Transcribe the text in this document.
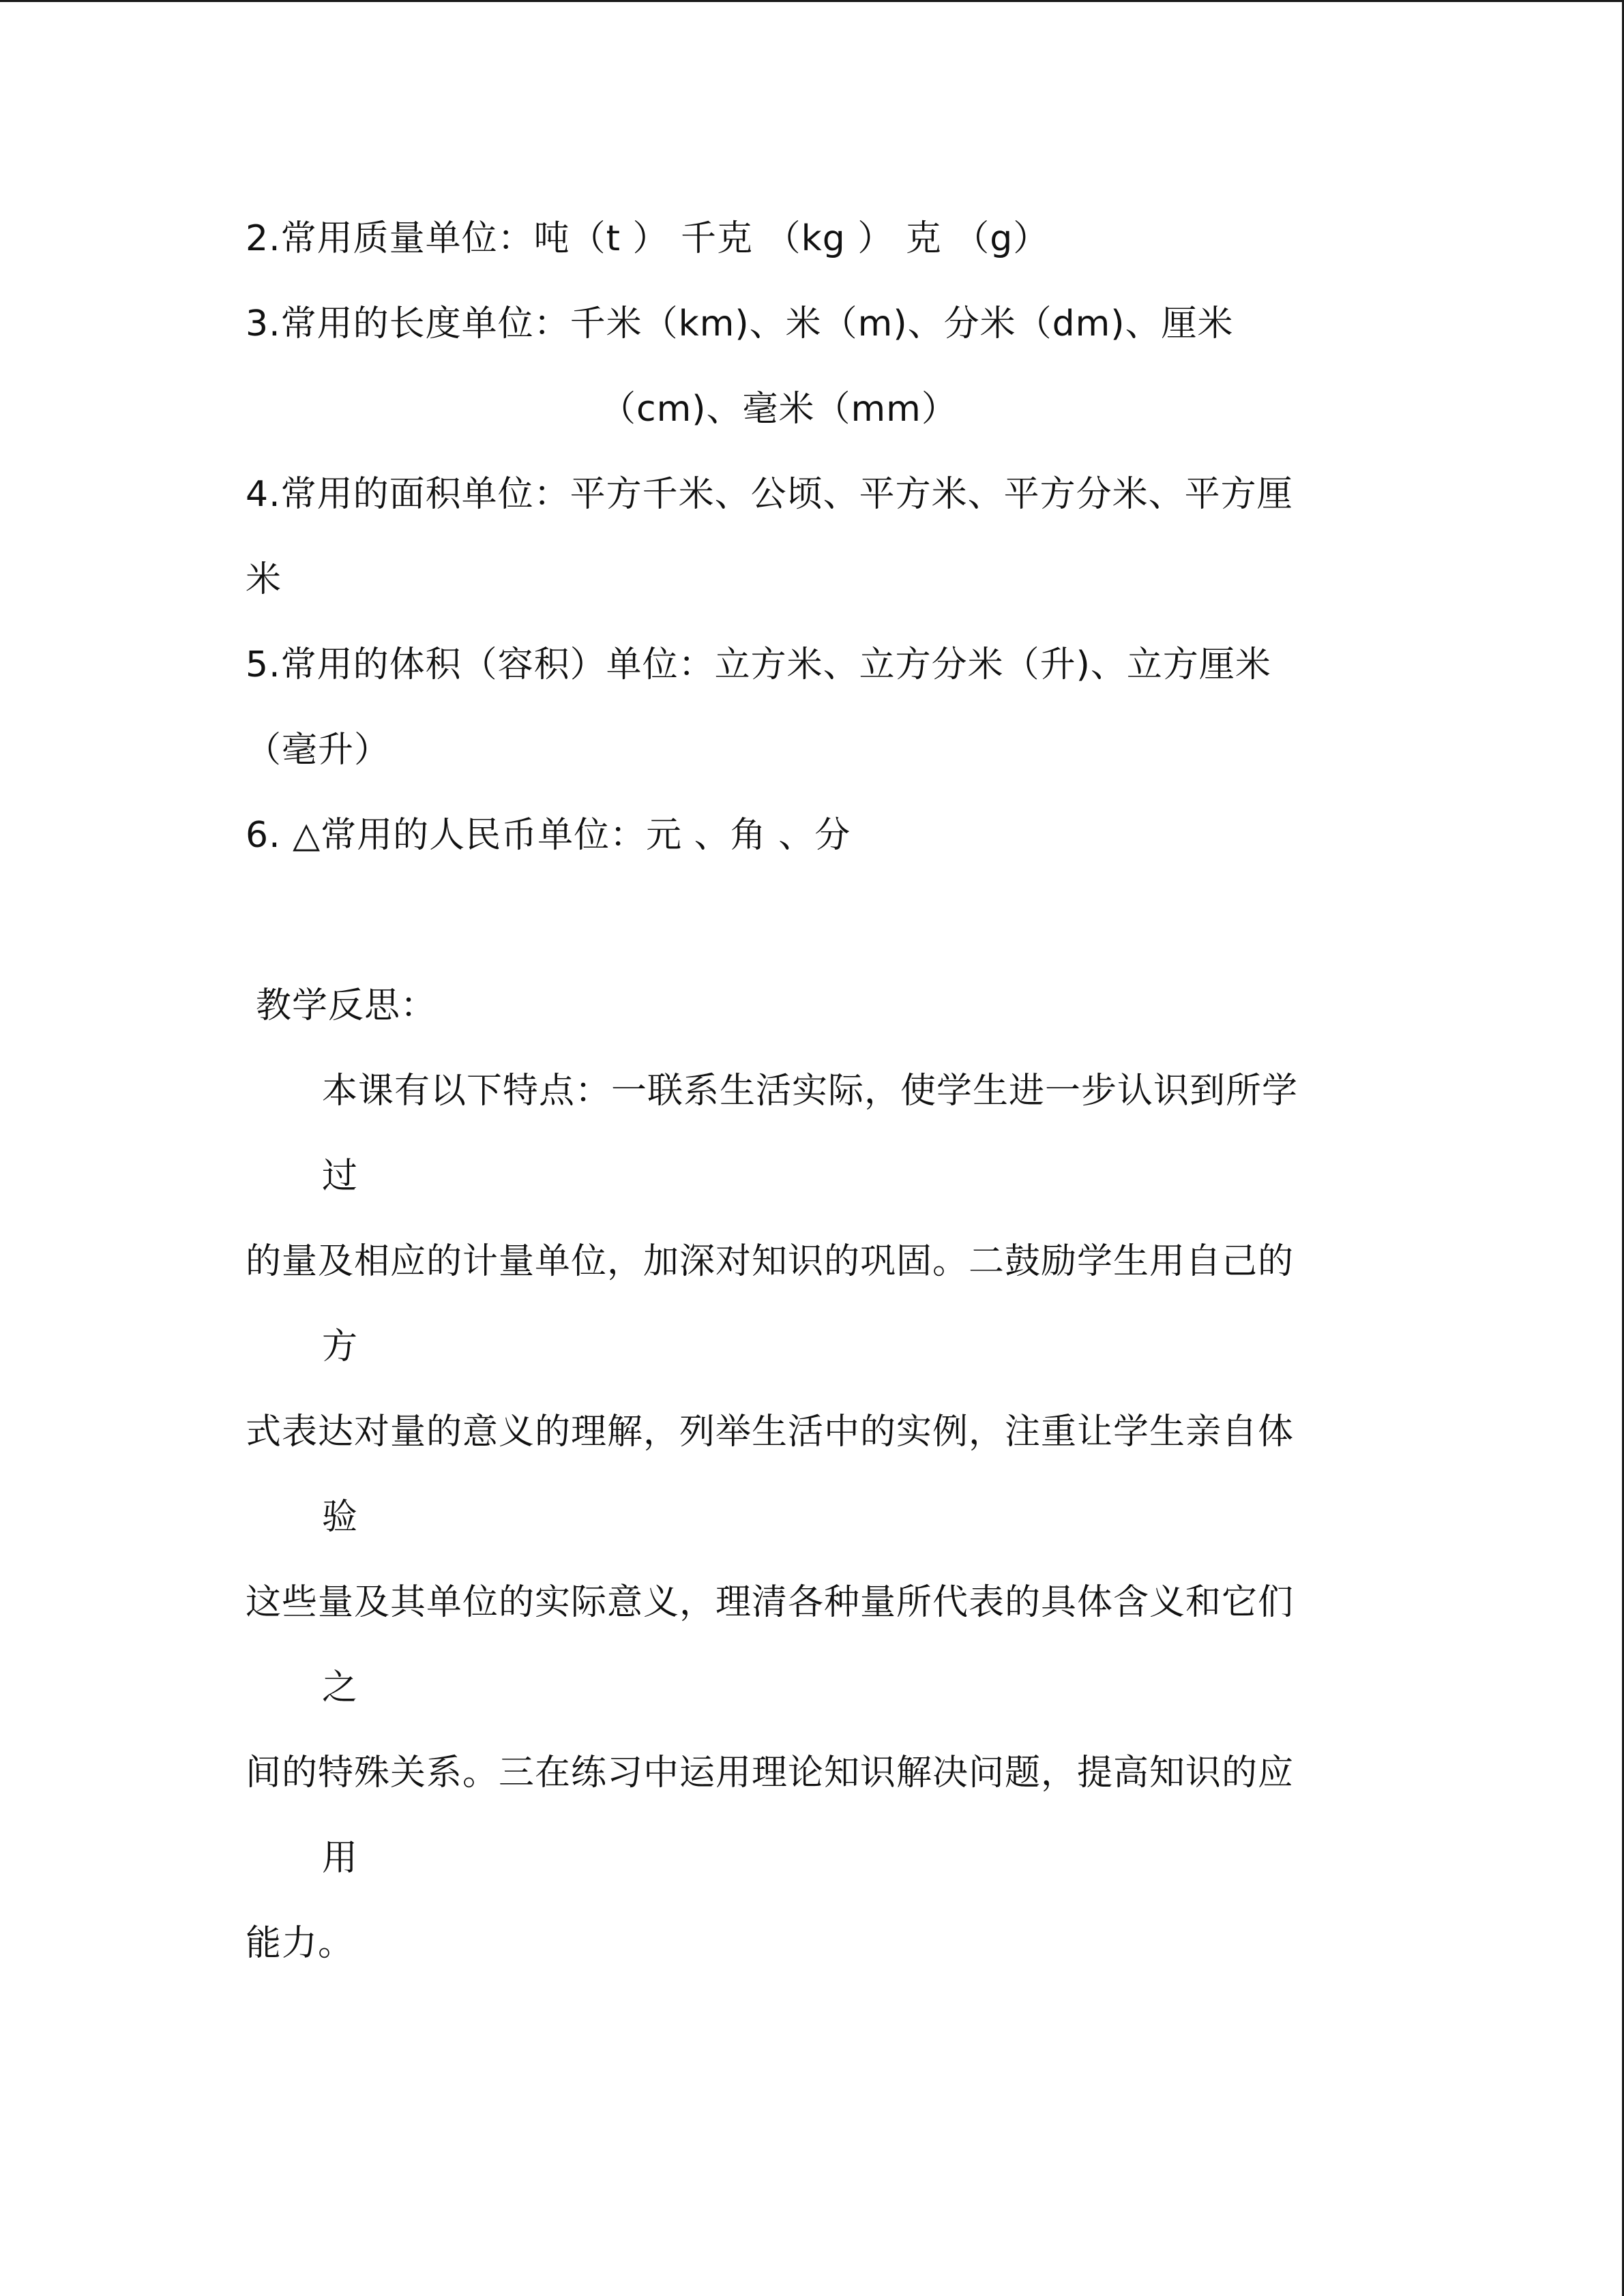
2.常用质量单位：吨（t ） 千克 （kg ） 克 （g）

3.常用的长度单位：千米（km)、米（m)、分米（dm)、厘米

（cm)、毫米（mm）

4.常用的面积单位：平方千米、公顷、平方米、平方分米、平方厘

米

5.常用的体积（容积）单位：立方米、立方分米（升)、立方厘米

（毫升）

6. △常用的人民币单位：元 、角 、分

教学反思：

本课有以下特点：一联系生活实际，使学生进一步认识到所学

过

的量及相应的计量单位，加深对知识的巩固。二鼓励学生用自己的

方

式表达对量的意义的理解，列举生活中的实例，注重让学生亲自体

验

这些量及其单位的实际意义，理清各种量所代表的具体含义和它们

之

间的特殊关系。三在练习中运用理论知识解决问题，提高知识的应

用

能力。
